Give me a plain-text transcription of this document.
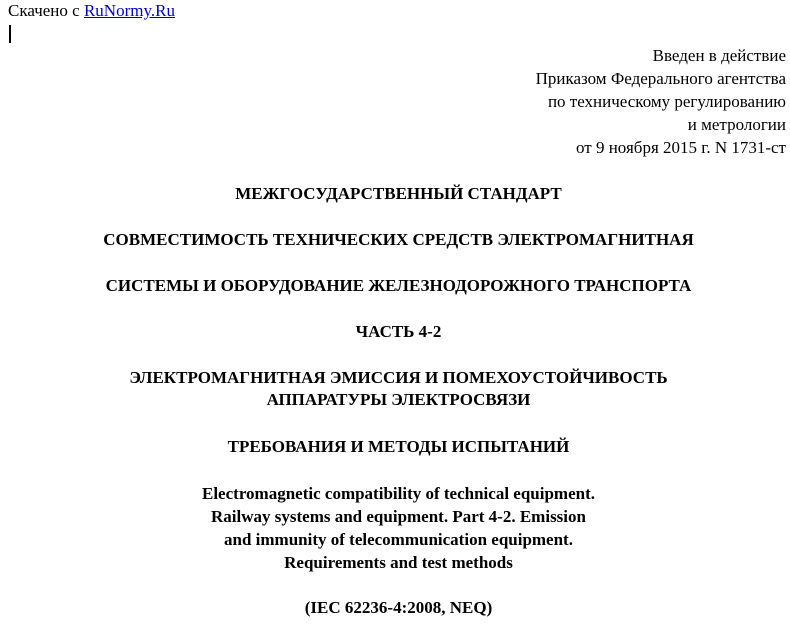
Скачено с RuNormy.Ru
Введен в действие
Приказом Федерального агентства
по техническому регулированию
и метрологии
от 9 ноября 2015 г. N 1731-ст
МЕЖГОСУДАРСТВЕННЫЙ СТАНДАРТ
СОВМЕСТИМОСТЬ ТЕХНИЧЕСКИХ СРЕДСТВ ЭЛЕКТРОМАГНИТНАЯ
СИСТЕМЫ И ОБОРУДОВАНИЕ ЖЕЛЕЗНОДОРОЖНОГО ТРАНСПОРТА
ЧАСТЬ 4-2
ЭЛЕКТРОМАГНИТНАЯ ЭМИССИЯ И ПОМЕХОУСТОЙЧИВОСТЬ
АППАРАТУРЫ ЭЛЕКТРОСВЯЗИ
ТРЕБОВАНИЯ И МЕТОДЫ ИСПЫТАНИЙ
Electromagnetic compatibility of technical equipment.
Railway systems and equipment. Part 4-2. Emission
and immunity of telecommunication equipment.
Requirements and test methods
(IEC 62236-4:2008, NEQ)
